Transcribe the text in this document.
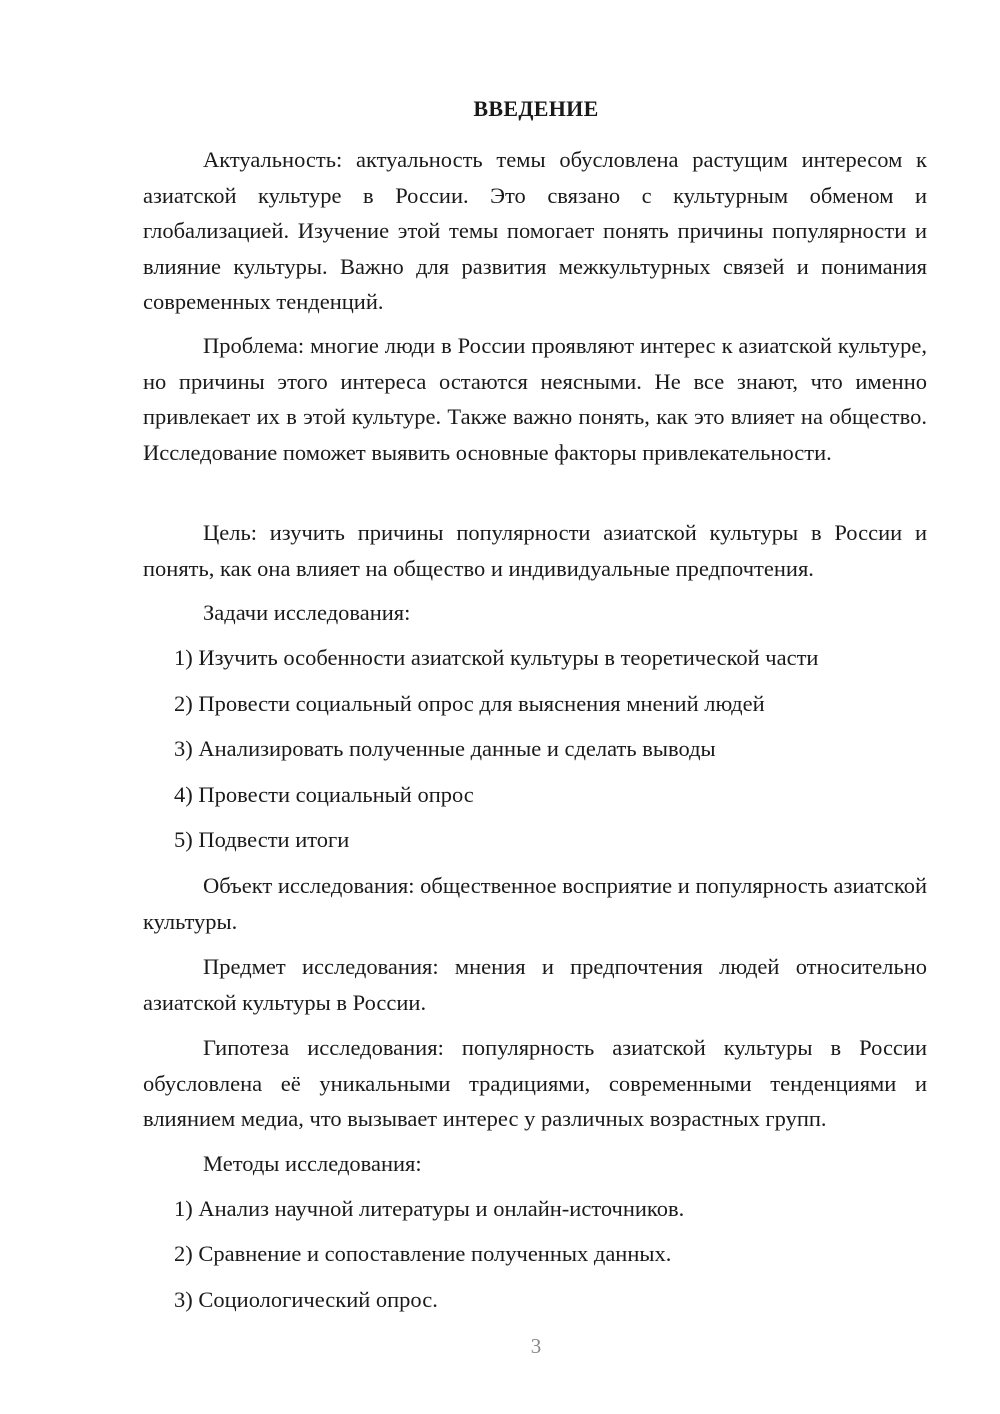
ВВЕДЕНИЕ

Актуальность: актуальность темы обусловлена растущим интересом к азиатской культуре в России. Это связано с культурным обменом и глобализацией. Изучение этой темы помогает понять причины популярности и влияние культуры. Важно для развития межкультурных связей и понимания современных тенденций.

Проблема: многие люди в России проявляют интерес к азиатской культуре, но причины этого интереса остаются неясными. Не все знают, что именно привлекает их в этой культуре. Также важно понять, как это влияет на общество. Исследование поможет выявить основные факторы привлекательности.

Цель: изучить причины популярности азиатской культуры в России и понять, как она влияет на общество и индивидуальные предпочтения.

Задачи исследования:

1) Изучить особенности азиатской культуры в теоретической части

2) Провести социальный опрос для выяснения мнений людей

3) Анализировать полученные данные и сделать выводы

4) Провести социальный опрос

5) Подвести итоги

Объект исследования: общественное восприятие и популярность азиатской культуры.

Предмет исследования: мнения и предпочтения людей относительно азиатской культуры в России.

Гипотеза исследования: популярность азиатской культуры в России обусловлена её уникальными традициями, современными тенденциями и влиянием медиа, что вызывает интерес у различных возрастных групп.

Методы исследования:

1) Анализ научной литературы и онлайн-источников.

2) Сравнение и сопоставление полученных данных.

3) Социологический опрос.

3
